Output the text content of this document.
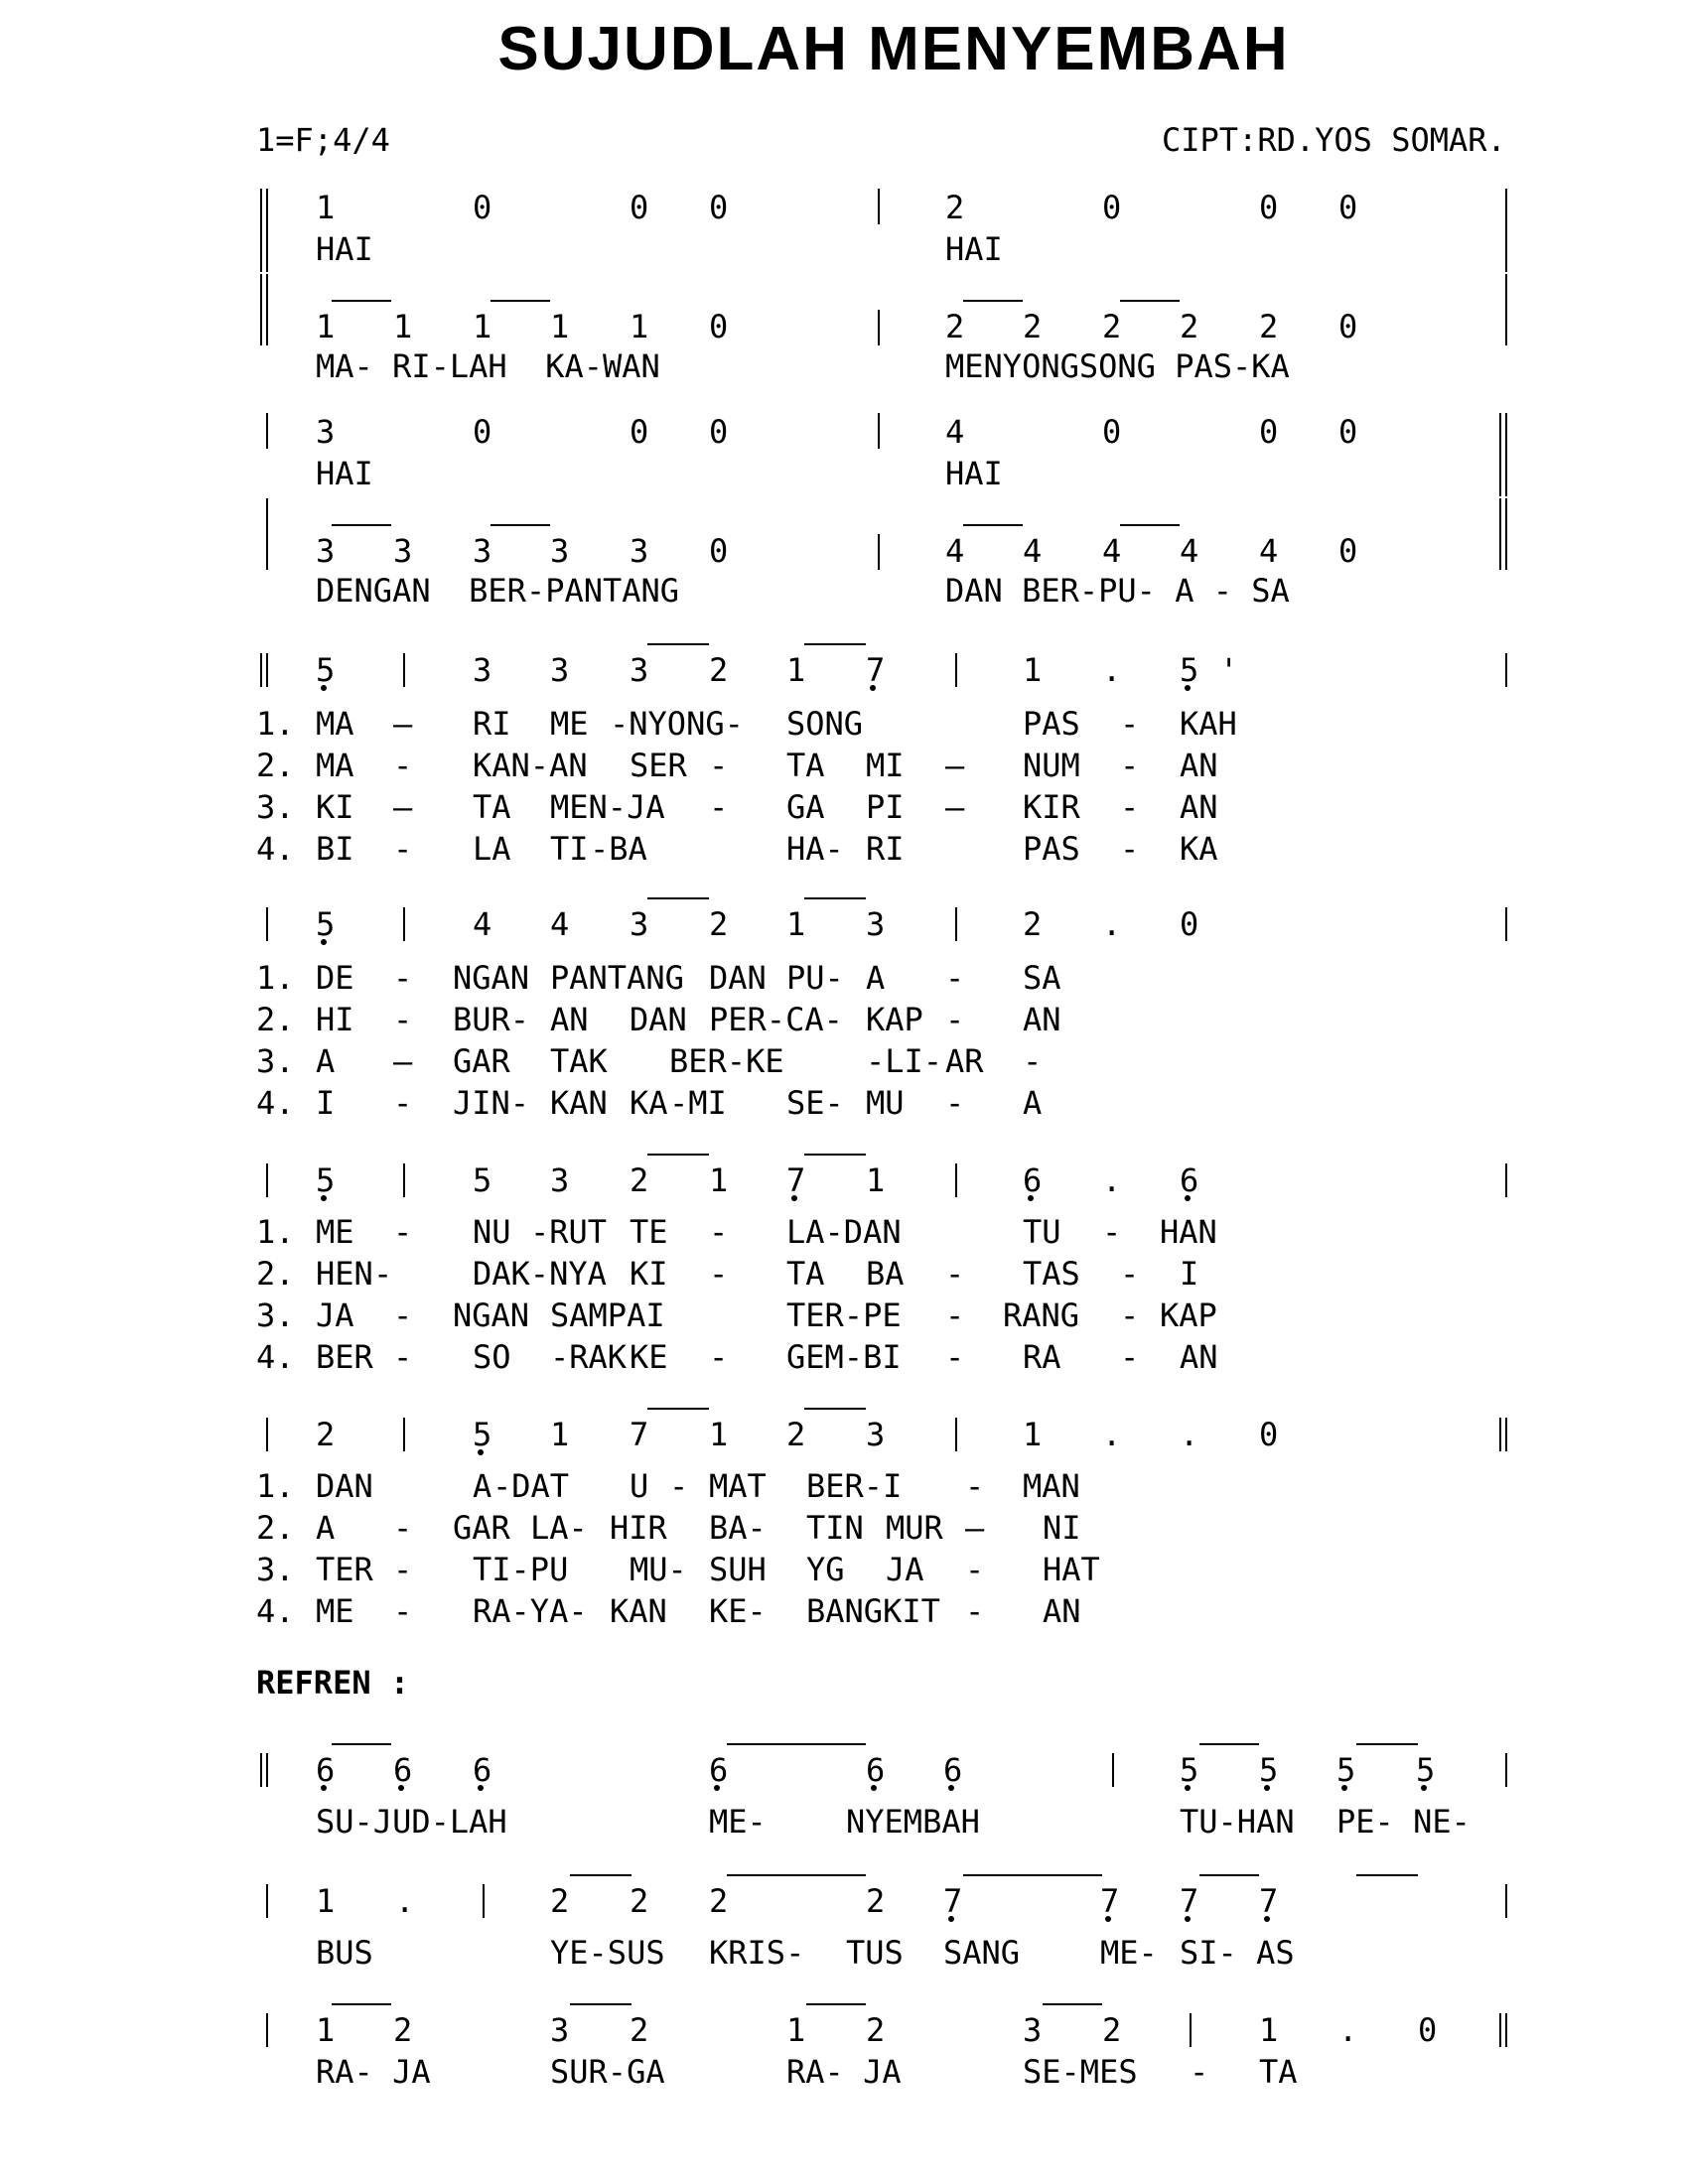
SUJUDLAH MENYEMBAH
1=F;4/4	CIPT:RD.YOS SOMAR.
1	0	0 0	2	0	0 0
HAI	HAI
1 1 1 1 1 0	2 2 2 2 2 0
MA- RI-LAH  KA-WAN	MENYONGSONG PAS-KA
3	0	0 0	4	0	0 0
HAI	HAI
3 3 3 3 3 0	4 4 4 4 4 0
DENGAN  BER-PANTANG	DAN BER-PU- A - SA
5	3 3 3 2 1 7	1 . 5 '
1. MA – RI ME -NYONG- SONG	PAS - KAH
2. MA - KAN-AN SER - TA MI – NUM - AN
3. KI – TA MEN-JA - GA PI – KIR - AN
4. BI - LA TI -BA	HA- RI	PAS - KA
5	4 4 3 2 1 3	2 . 0
1. DE - NGAN PANTANG DAN PU- A - SA
2. HI - BUR- AN DAN PER-CA- KAP - AN
3. A – GAR TAK BER-KE	-LI- AR -
4. I - JIN- KAN KA -MI SE- MU - A
5	5 3 2 1 7 1	6 . 6
1. ME - NU -RUT TE - LA-DAN	TU - HAN
2. HEN -	DAK-NYA KI - TA BA - TAS - I
3. JA - NGAN SAMPAI	TER-PE - RANG - KAP
4. BER - SO -RAK KE - GEM-BI - RA - AN
2	5 1 7 1 2 3	1 . . 0
1. DAN	A -DAT U - MAT BER-I - MAN
2. A - GAR LA- HIR BA- TIN MUR – NI
3. TER - TI-PU MU- SUH YG JA - HAT
4. ME - RA-YA- KAN KE- BANGKIT - AN
REFREN :
6 6 6	6	6 6	5 5 5 5
SU-JUD-LAH	ME-	NYEMBAH	TU-HAN PE- NE-
1 .	2 2 2	2 7	7 7 7
BUS	YE-SUS KRIS- TUS SANG	ME- SI- AS
1 2	3 2	1 2	3 2	1 . 0
RA- JA	SUR-GA	RA- JA	SE-MES - TA
